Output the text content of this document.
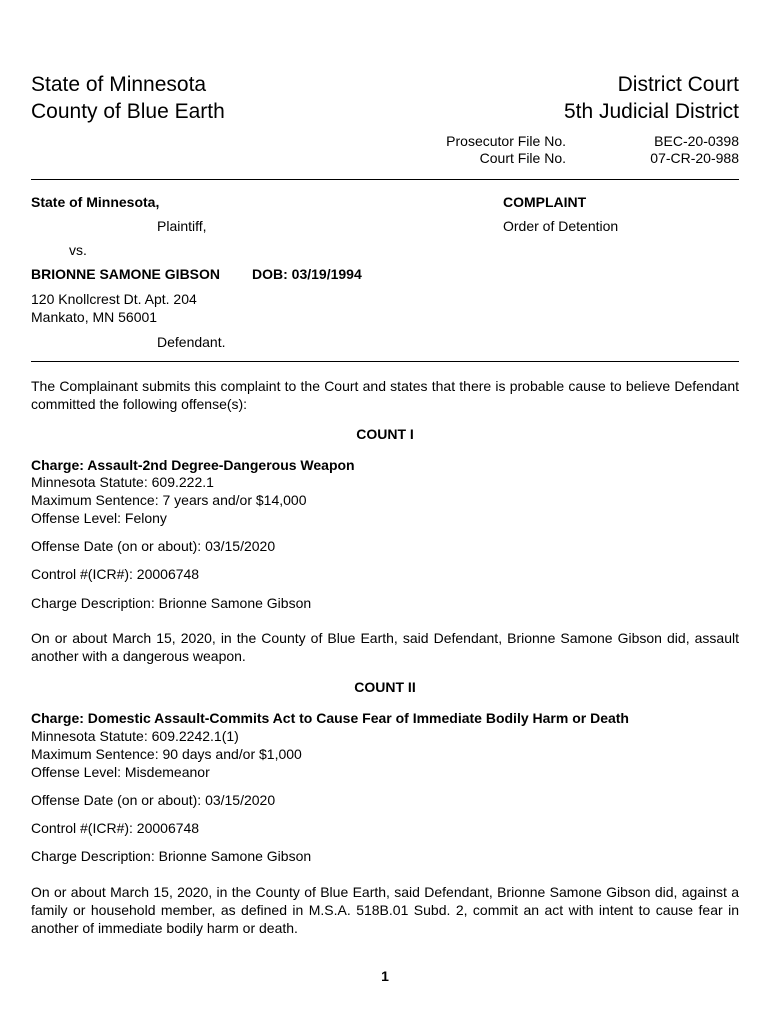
State of Minnesota
County of Blue Earth
District Court
5th Judicial District
Prosecutor File No.	BEC-20-0398
Court File No.	07-CR-20-988
State of Minnesota,
Plaintiff,
vs.
BRIONNE SAMONE GIBSON DOB: 03/19/1994
120 Knollcrest Dt. Apt. 204
Mankato, MN 56001
Defendant.
COMPLAINT
Order of Detention
The Complainant submits this complaint to the Court and states that there is probable cause to believe Defendant committed the following offense(s):
COUNT I
Charge: Assault-2nd Degree-Dangerous Weapon
Minnesota Statute: 609.222.1
Maximum Sentence: 7 years and/or $14,000
Offense Level: Felony
Offense Date (on or about): 03/15/2020
Control #(ICR#): 20006748
Charge Description: Brionne Samone Gibson
On or about March 15, 2020, in the County of Blue Earth, said Defendant, Brionne Samone Gibson did, assault another with a dangerous weapon.
COUNT II
Charge: Domestic Assault-Commits Act to Cause Fear of Immediate Bodily Harm or Death
Minnesota Statute: 609.2242.1(1)
Maximum Sentence: 90 days and/or $1,000
Offense Level: Misdemeanor
Offense Date (on or about): 03/15/2020
Control #(ICR#): 20006748
Charge Description: Brionne Samone Gibson
On or about March 15, 2020, in the County of Blue Earth, said Defendant, Brionne Samone Gibson did, against a family or household member, as defined in M.S.A. 518B.01 Subd. 2, commit an act with intent to cause fear in another of immediate bodily harm or death.
1
